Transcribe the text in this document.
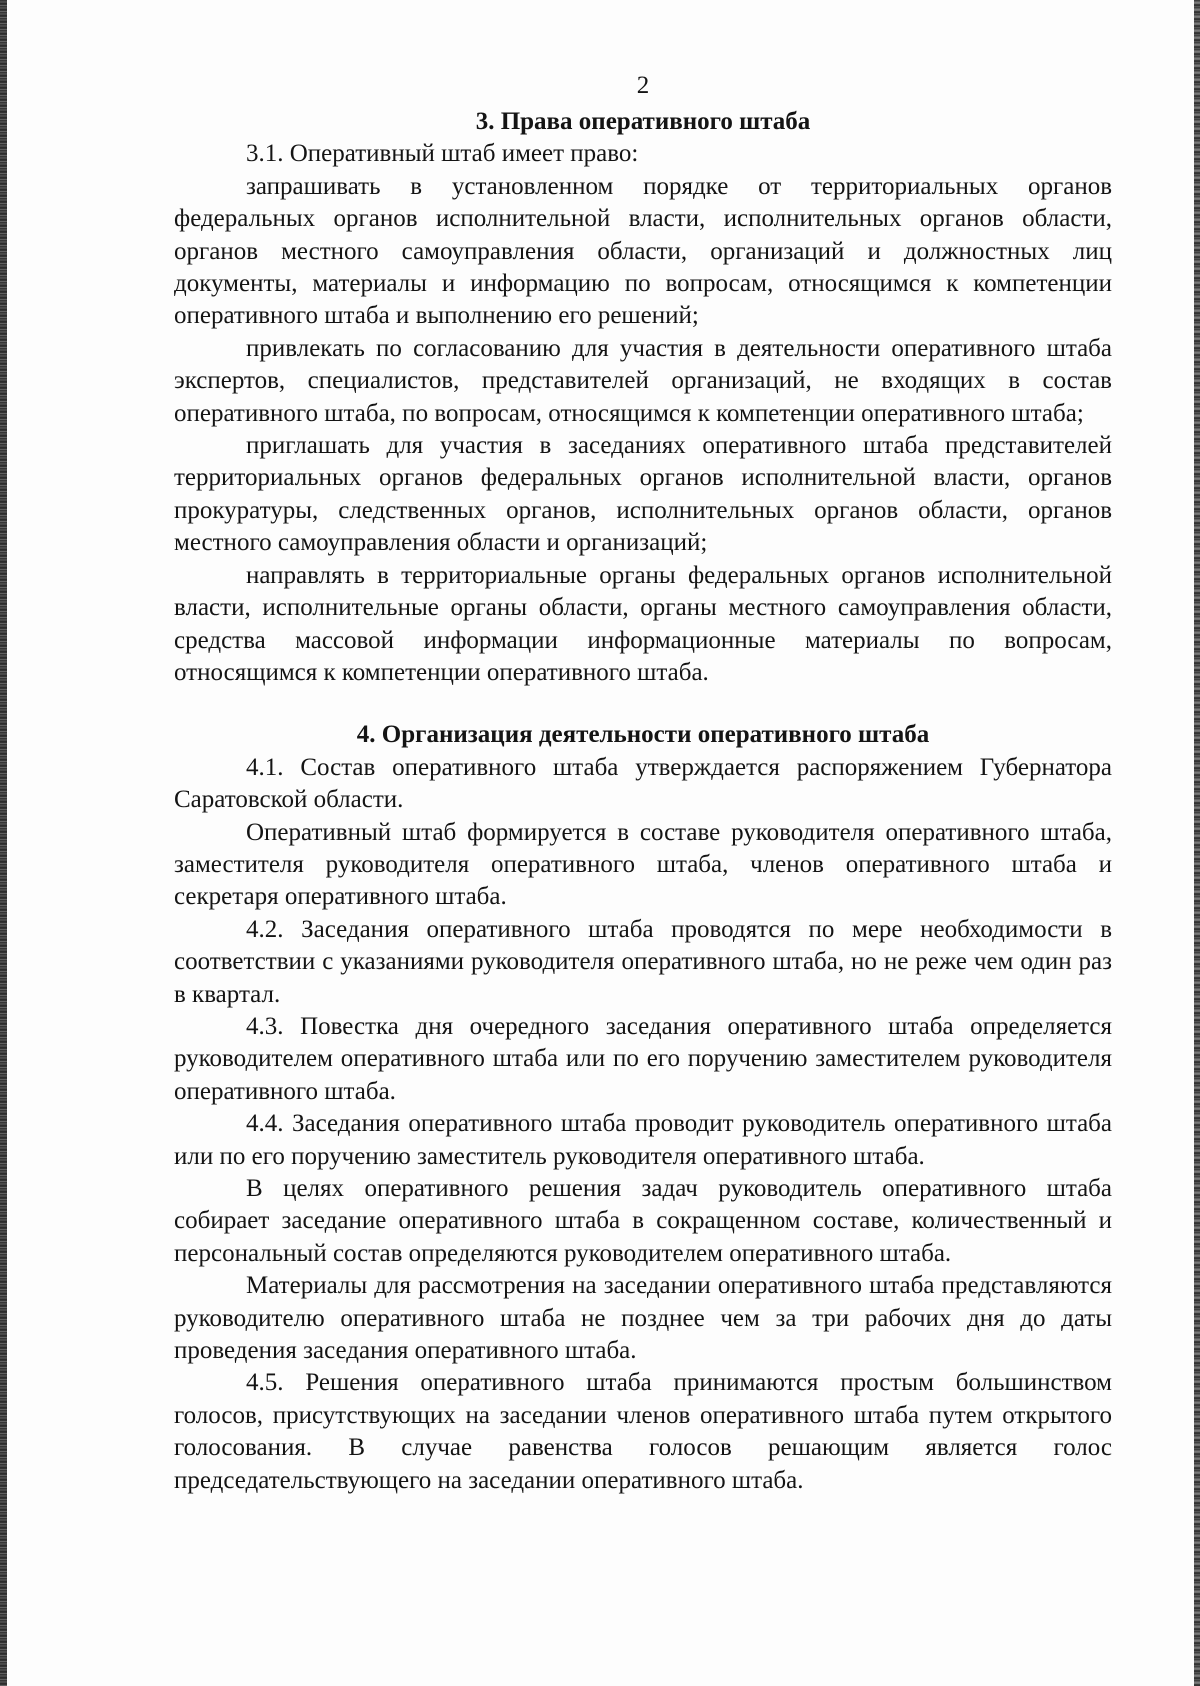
2
3. Права оперативного штаба

3.1. Оперативный штаб имеет право:

запрашивать в установленном порядке от территориальных органов федеральных органов исполнительной власти, исполнительных органов области, органов местного самоуправления области, организаций и должностных лиц документы, материалы и информацию по вопросам, относящимся к компетенции оперативного штаба и выполнению его решений;

привлекать по согласованию для участия в деятельности оперативного штаба экспертов, специалистов, представителей организаций, не входящих в состав оперативного штаба, по вопросам, относящимся к компетенции оперативного штаба;

приглашать для участия в заседаниях оперативного штаба представителей территориальных органов федеральных органов исполнительной власти, органов прокуратуры, следственных органов, исполнительных органов области, органов местного самоуправления области и организаций;

направлять в территориальные органы федеральных органов исполнительной власти, исполнительные органы области, органы местного самоуправления области, средства массовой информации информационные материалы по вопросам, относящимся к компетенции оперативного штаба.

4. Организация деятельности оперативного штаба

4.1. Состав оперативного штаба утверждается распоряжением Губернатора Саратовской области.

Оперативный штаб формируется в составе руководителя оперативного штаба, заместителя руководителя оперативного штаба, членов оперативного штаба и секретаря оперативного штаба.

4.2. Заседания оперативного штаба проводятся по мере необходимости в соответствии с указаниями руководителя оперативного штаба, но не реже чем один раз в квартал.

4.3. Повестка дня очередного заседания оперативного штаба определяется руководителем оперативного штаба или по его поручению заместителем руководителя оперативного штаба.

4.4. Заседания оперативного штаба проводит руководитель оперативного штаба или по его поручению заместитель руководителя оперативного штаба.

В целях оперативного решения задач руководитель оперативного штаба собирает заседание оперативного штаба в сокращенном составе, количественный и персональный состав определяются руководителем оперативного штаба.

Материалы для рассмотрения на заседании оперативного штаба представляются руководителю оперативного штаба не позднее чем за три рабочих дня до даты проведения заседания оперативного штаба.

4.5. Решения оперативного штаба принимаются простым большинством голосов, присутствующих на заседании членов оперативного штаба путем открытого голосования. В случае равенства голосов решающим является голос председательствующего на заседании оперативного штаба.
